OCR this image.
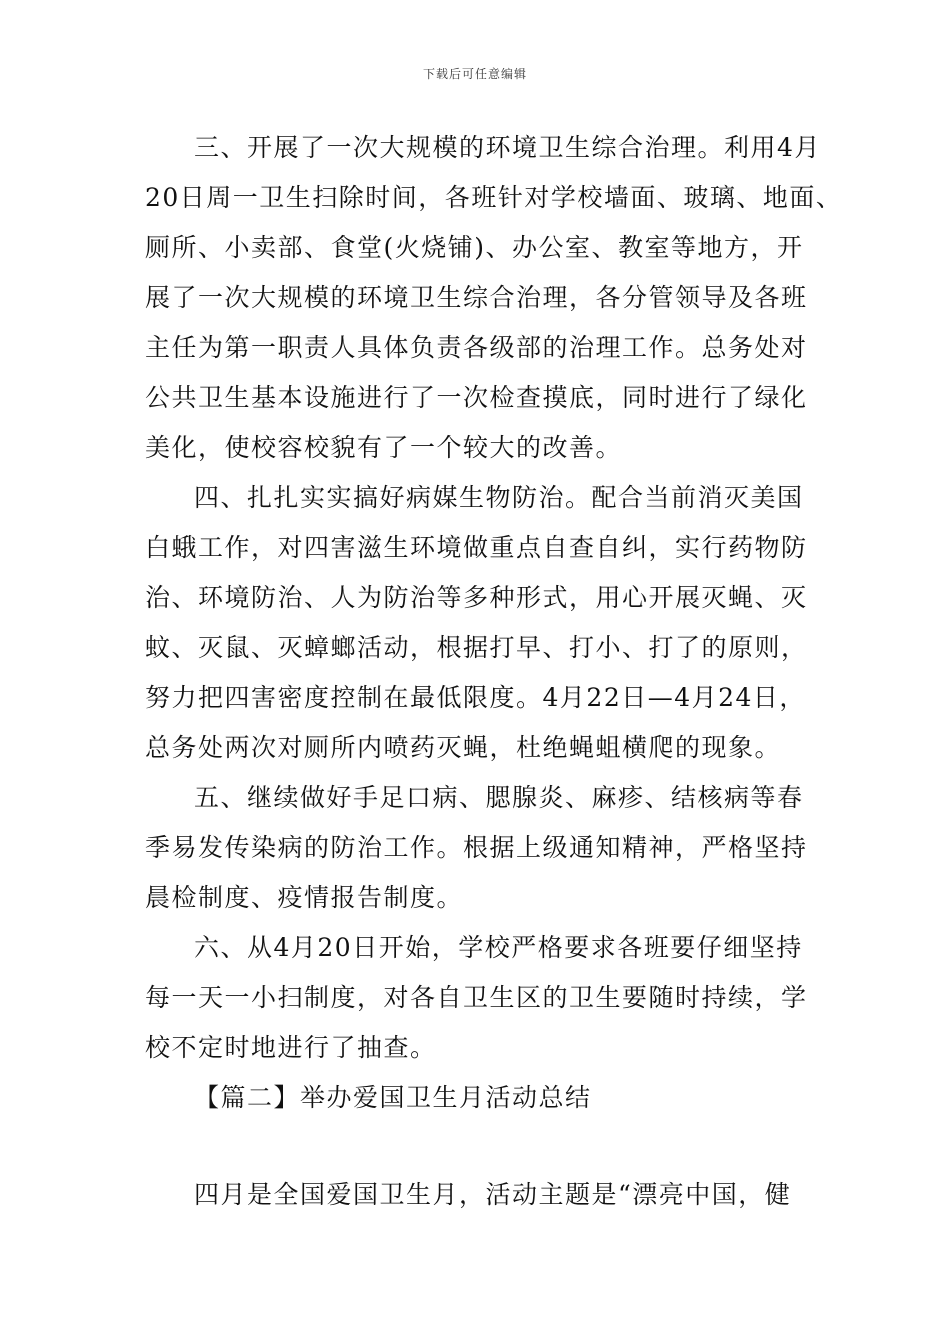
下载后可任意编辑
三、开展了一次大规模的环境卫生综合治理。利用4月
20日周一卫生扫除时间，各班针对学校墙面、玻璃、地面、
厕所、小卖部、食堂(火烧铺)、办公室、教室等地方，开
展了一次大规模的环境卫生综合治理，各分管领导及各班
主任为第一职责人具体负责各级部的治理工作。总务处对
公共卫生基本设施进行了一次检查摸底，同时进行了绿化
美化，使校容校貌有了一个较大的改善。
四、扎扎实实搞好病媒生物防治。配合当前消灭美国
白蛾工作，对四害滋生环境做重点自查自纠，实行药物防
治、环境防治、人为防治等多种形式，用心开展灭蝇、灭
蚊、灭鼠、灭蟑螂活动，根据打早、打小、打了的原则，
努力把四害密度控制在最低限度。4月22日—4月24日，
总务处两次对厕所内喷药灭蝇，杜绝蝇蛆横爬的现象。
五、继续做好手足口病、腮腺炎、麻疹、结核病等春
季易发传染病的防治工作。根据上级通知精神，严格坚持
晨检制度、疫情报告制度。
六、从4月20日开始，学校严格要求各班要仔细坚持
每一天一小扫制度，对各自卫生区的卫生要随时持续，学
校不定时地进行了抽查。
【篇二】举办爱国卫生月活动总结
四月是全国爱国卫生月，活动主题是“漂亮中国，健
